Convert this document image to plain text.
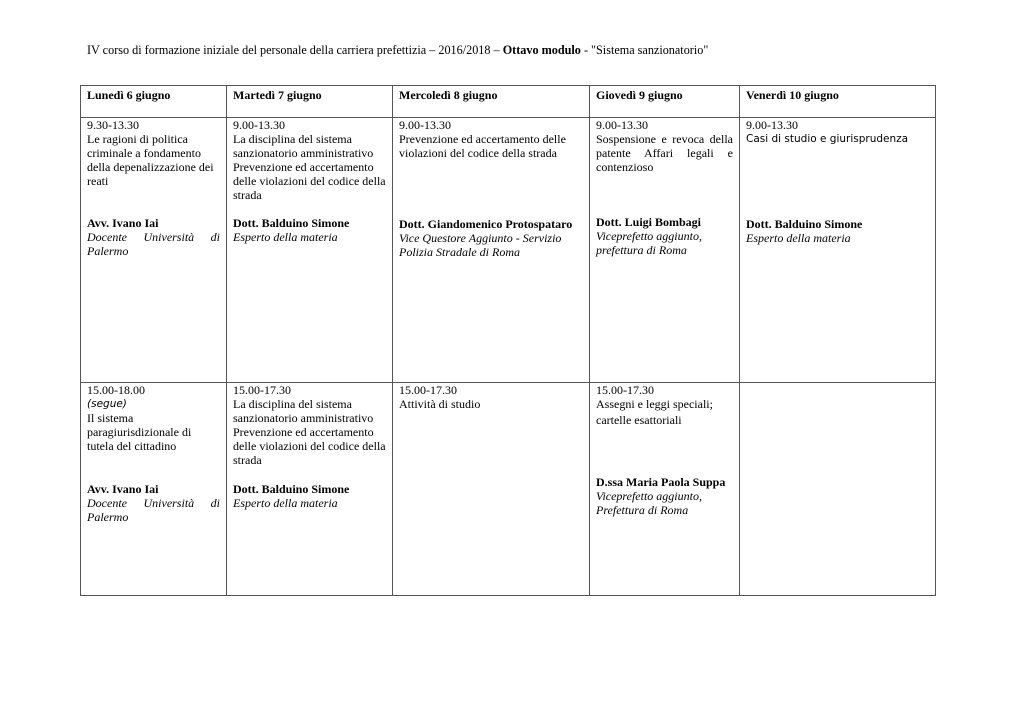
IV corso di formazione iniziale del personale della carriera prefettizia – 2016/2018 – Ottavo modulo - "Sistema sanzionatorio"
Lunedì 6 giugno	Martedì 7 giugno	Mercoledì 8 giugno	Giovedì 9 giugno	Venerdì 10 giugno

9.30-13.30
Le ragioni di politica criminale a fondamento della depenalizzazione dei reati
Avv. Ivano Iai
Docente Università di Palermo	9.00-13.30
La disciplina del sistema sanzionatorio amministrativo Prevenzione ed accertamento delle violazioni del codice della strada
Dott. Balduino Simone
Esperto della materia	9.00-13.30
Prevenzione ed accertamento delle violazioni del codice della strada
Dott. Giandomenico Protospataro
Vice Questore Aggiunto - Servizio Polizia Stradale di Roma	9.00-13.30
Sospensione e revoca della patente Affari legali e contenzioso
Dott. Luigi Bombagi
Viceprefetto aggiunto, prefettura di Roma	9.00-13.30
Casi di studio e giurisprudenza
Dott. Balduino Simone
Esperto della materia

15.00-18.00
(segue)
Il sistema paragiurisdizionale di tutela del cittadino
Avv. Ivano Iai
Docente Università di Palermo	15.00-17.30
La disciplina del sistema sanzionatorio amministrativo Prevenzione ed accertamento delle violazioni del codice della strada
Dott. Balduino Simone
Esperto della materia	15.00-17.30
Attività di studio	15.00-17.30
Assegni e leggi speciali;
cartelle esattoriali
D.ssa Maria Paola Suppa
Viceprefetto aggiunto, Prefettura di Roma	
